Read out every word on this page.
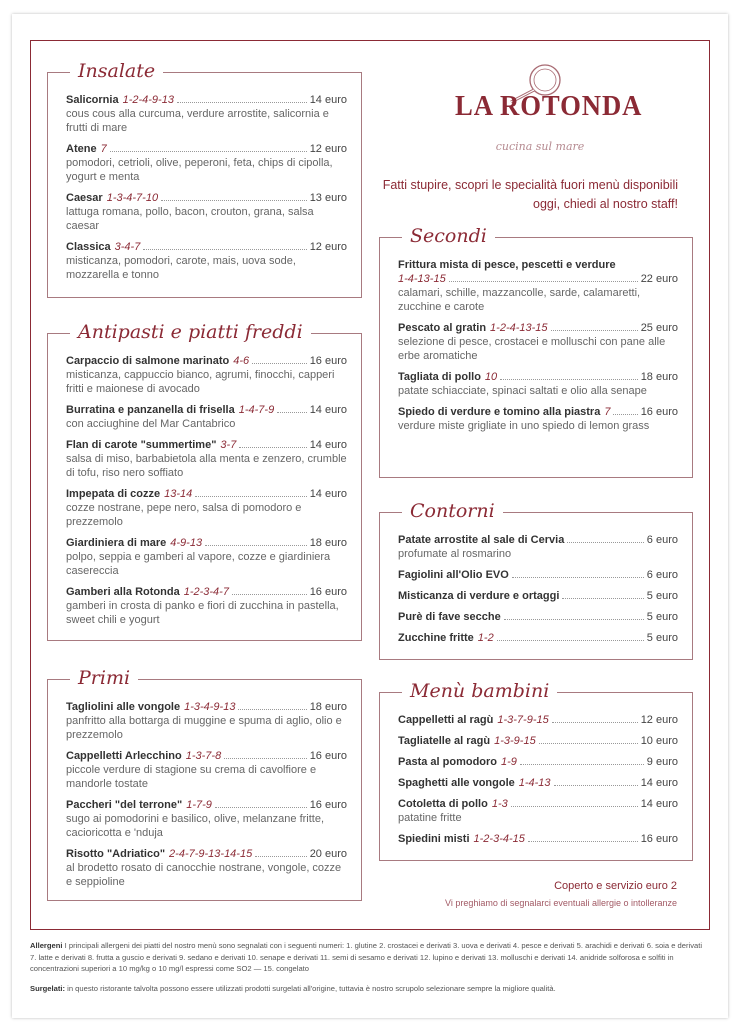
LA ROTONDA
cucina sul mare
Fatti stupire, scopri le specialità fuori menù disponibili oggi, chiedi al nostro staff!
Insalate
Salicornia 1-2-4-9-13	14 euro
cous cous alla curcuma, verdure arrostite, salicornia e frutti di mare
Atene 7	12 euro
pomodori, cetrioli, olive, peperoni, feta, chips di cipolla, yogurt e menta
Caesar 1-3-4-7-10	13 euro
lattuga romana, pollo, bacon, crouton, grana, salsa caesar
Classica 3-4-7	12 euro
misticanza, pomodori, carote, mais, uova sode, mozzarella e tonno
Antipasti e piatti freddi
Carpaccio di salmone marinato 4-6	16 euro
misticanza, cappuccio bianco, agrumi, finocchi, capperi fritti e maionese di avocado
Burratina e panzanella di frisella 1-4-7-9	14 euro
con acciughine del Mar Cantabrico
Flan di carote "summertime" 3-7	14 euro
salsa di miso, barbabietola alla menta e zenzero, crumble di tofu, riso nero soffiato
Impepata di cozze 13-14	14 euro
cozze nostrane, pepe nero, salsa di pomodoro e prezzemolo
Giardiniera di mare 4-9-13	18 euro
polpo, seppia e gamberi al vapore, cozze e giardiniera casereccia
Gamberi alla Rotonda 1-2-3-4-7	16 euro
gamberi in crosta di panko e fiori di zucchina in pastella, sweet chili e yogurt
Primi
Tagliolini alle vongole 1-3-4-9-13	18 euro
panfritto alla bottarga di muggine e spuma di aglio, olio e prezzemolo
Cappelletti Arlecchino 1-3-7-8	16 euro
piccole verdure di stagione su crema di cavolfiore e mandorle tostate
Paccheri "del terrone" 1-7-9	16 euro
sugo ai pomodorini e basilico, olive, melanzane fritte, cacioricotta e 'nduja
Risotto "Adriatico" 2-4-7-9-13-14-15	20 euro
al brodetto rosato di canocchie nostrane, vongole, cozze e seppioline
Secondi
Frittura mista di pesce, pescetti e verdure
1-4-13-15	22 euro
calamari, schille, mazzancolle, sarde, calamaretti, zucchine e carote
Pescato al gratin 1-2-4-13-15	25 euro
selezione di pesce, crostacei e molluschi con pane alle erbe aromatiche
Tagliata di pollo 10	18 euro
patate schiacciate, spinaci saltati e olio alla senape
Spiedo di verdure e tomino alla piastra 7	16 euro
verdure miste grigliate in uno spiedo di lemon grass
Contorni
Patate arrostite al sale di Cervia	6 euro
profumate al rosmarino
Fagiolini all'Olio EVO	6 euro
Misticanza di verdure e ortaggi	5 euro
Purè di fave secche	5 euro
Zucchine fritte 1-2	5 euro
Menù bambini
Cappelletti al ragù 1-3-7-9-15	12 euro
Tagliatelle al ragù 1-3-9-15	10 euro
Pasta al pomodoro 1-9	9 euro
Spaghetti alle vongole 1-4-13	14 euro
Cotoletta di pollo 1-3	14 euro
patatine fritte
Spiedini misti 1-2-3-4-15	16 euro
Coperto e servizio euro 2
Vi preghiamo di segnalarci eventuali allergie o intolleranze

Allergeni I principali allergeni dei piatti del nostro menù sono segnalati con i seguenti numeri: 1. glutine 2. crostacei e derivati 3. uova e derivati 4. pesce e derivati 5. arachidi e derivati 6. soia e derivati 7. latte e derivati 8. frutta a guscio e derivati 9. sedano e derivati 10. senape e derivati 11. semi di sesamo e derivati 12. lupino e derivati 13. molluschi e derivati 14. anidride solforosa e solfiti in concentrazioni superiori a 10 mg/kg o 10 mg/l espressi come SO2 — 15. congelato

Surgelati: in questo ristorante talvolta possono essere utilizzati prodotti surgelati all'origine, tuttavia è nostro scrupolo selezionare sempre la migliore qualità.
